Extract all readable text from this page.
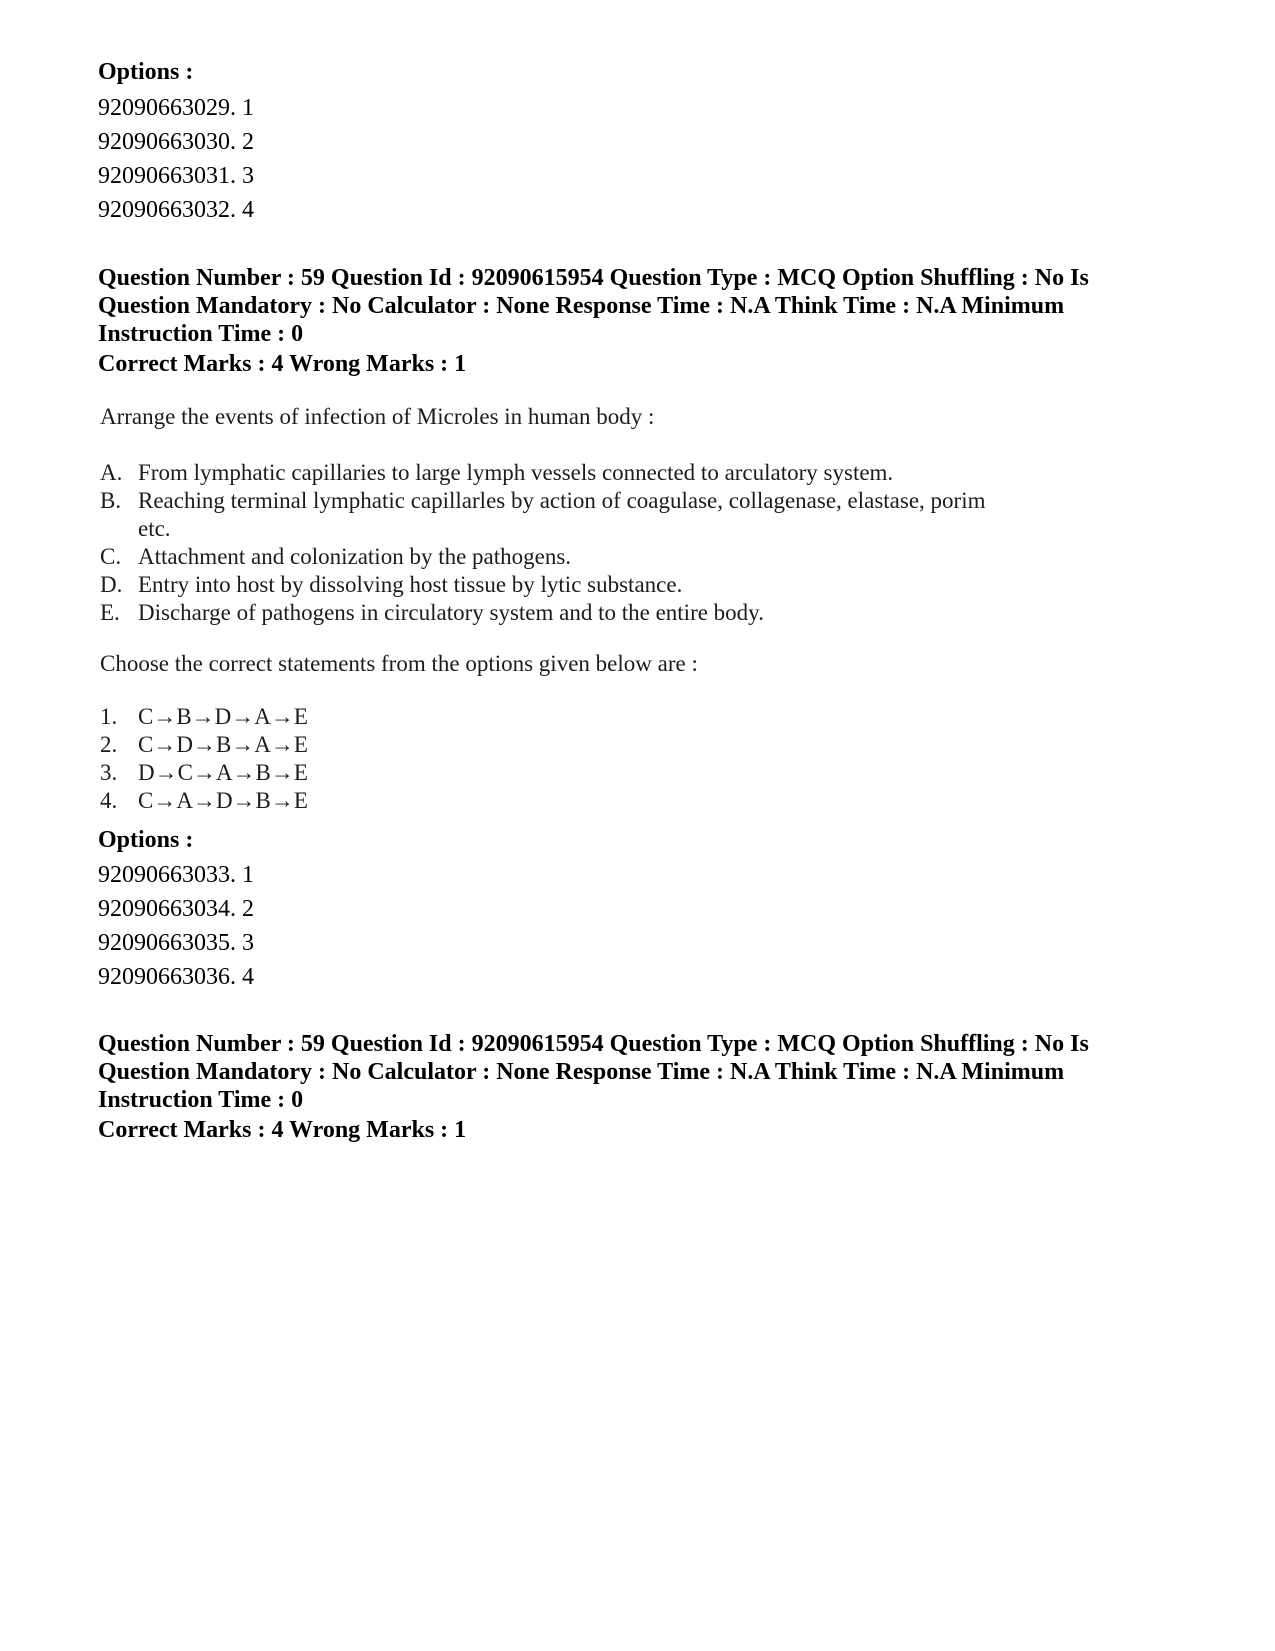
Options :

92090663029. 1
92090663030. 2
92090663031. 3
92090663032. 4

Question Number : 59 Question Id : 92090615954 Question Type : MCQ Option Shuffling : No Is Question Mandatory : No Calculator : None Response Time : N.A Think Time : N.A Minimum Instruction Time : 0

Correct Marks : 4 Wrong Marks : 1

Arrange the events of infection of Microles in human body :

A. From lymphatic capillaries to large lymph vessels connected to arculatory system.
B. Reaching terminal lymphatic capillarles by action of coagulase, collagenase, elastase, porim etc.
C. Attachment and colonization by the pathogens.
D. Entry into host by dissolving host tissue by lytic substance.
E. Discharge of pathogens in circulatory system and to the entire body.

Choose the correct statements from the options given below are :

1. C→B→D→A→E
2. C→D→B→A→E
3. D→C→A→B→E
4. C→A→D→B→E

Options :

92090663033. 1
92090663034. 2
92090663035. 3
92090663036. 4

Question Number : 59 Question Id : 92090615954 Question Type : MCQ Option Shuffling : No Is Question Mandatory : No Calculator : None Response Time : N.A Think Time : N.A Minimum Instruction Time : 0

Correct Marks : 4 Wrong Marks : 1
